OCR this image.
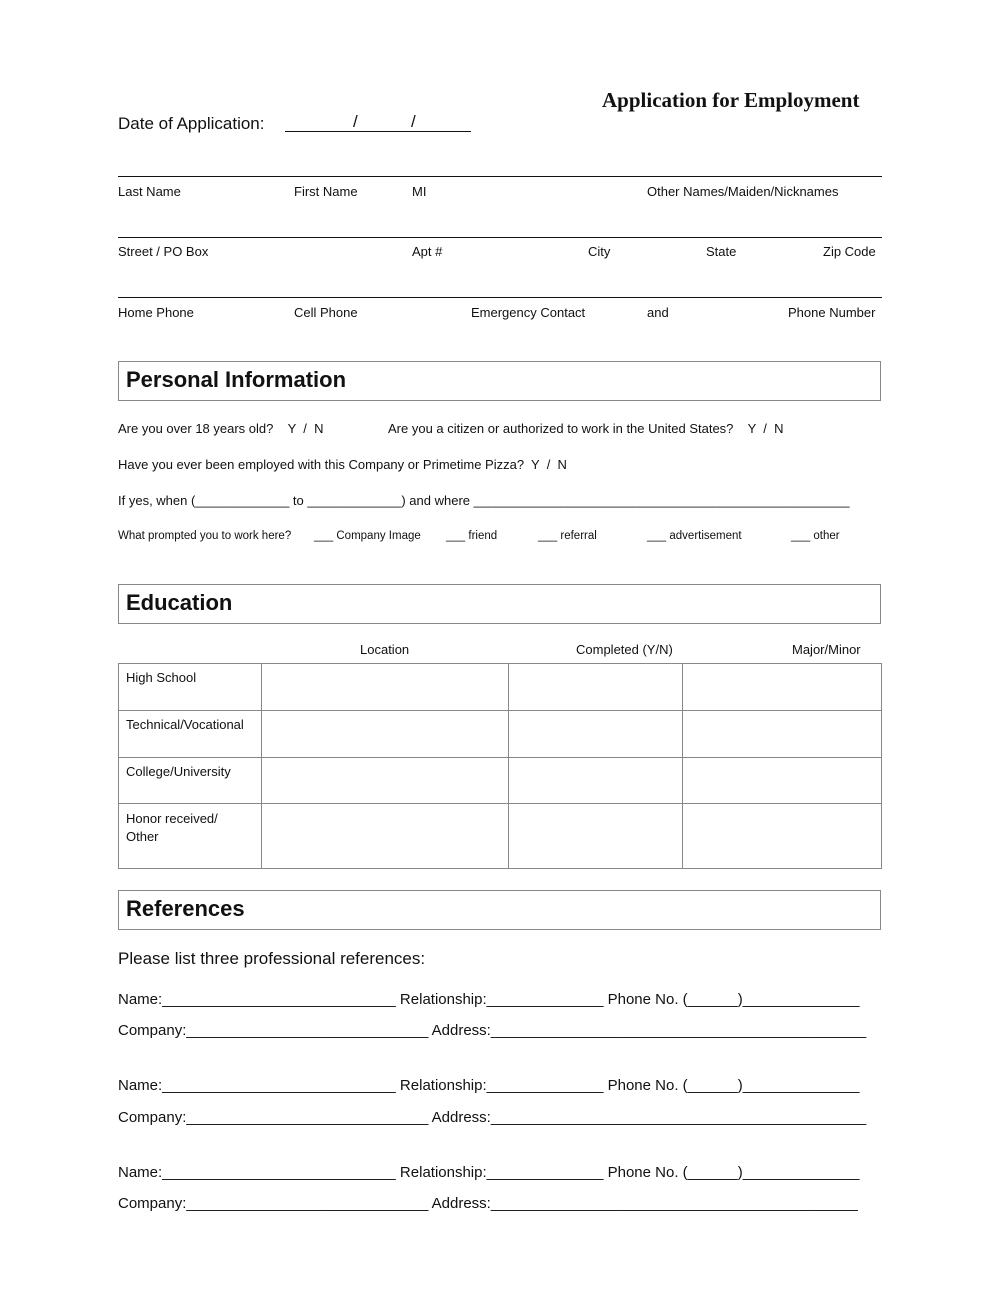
Application for Employment
Date of Application:	/	/
Last Name	First Name	MI	Other Names/Maiden/Nicknames
Street / PO Box	Apt #	City	State	Zip Code
Home Phone	Cell Phone	Emergency Contact	and	Phone Number
Personal Information
Are you over 18 years old?    Y  /  N	Are you a citizen or authorized to work in the United States?    Y  /  N
Have you ever been employed with this Company or Primetime Pizza?  Y  /  N
If yes, when (_____________ to _____________) and where ____________________________________________________
What prompted you to work here? ___ Company Image ___ friend	___ referral	___ advertisement	___ other
Education
Location	Completed (Y/N)	Major/Minor
High School			
Technical/Vocational			
College/University			
Honor received/ Other			
References
Please list three professional references:
Name:____________________________ Relationship:______________ Phone No. (______)______________
Company:_____________________________ Address:_____________________________________________
Name:____________________________ Relationship:______________ Phone No. (______)______________
Company:_____________________________ Address:_____________________________________________
Name:____________________________ Relationship:______________ Phone No. (______)______________
Company:_____________________________ Address:____________________________________________
